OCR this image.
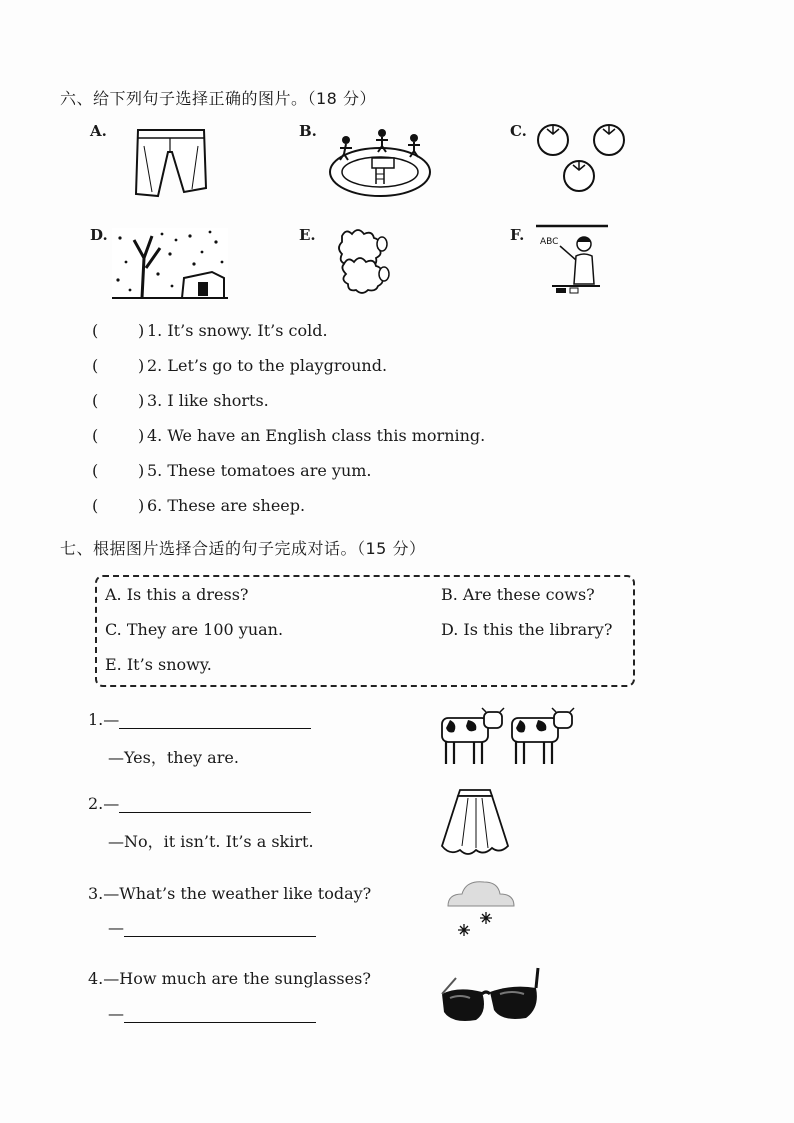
六、给下列句子选择正确的图片。（18 分）
A.	B.	C.
D.	E.	F. ABC
( ) 1. It’s snowy. It’s cold.
( ) 2. Let’s go to the playground.
( ) 3. I like shorts.
( ) 4. We have an English class this morning.
( ) 5. These tomatoes are yum.
( ) 6. These are sheep.
七、根据图片选择合适的句子完成对话。（15 分）
A. Is this a dress?	B. Are these cows?
C. They are 100 yuan.	D. Is this the library?
E. It’s snowy.
1.—
—Yes，they are.
2.—
—No，it isn’t. It’s a skirt.
3.—What’s the weather like today?
—
4.—How much are the sunglasses?
—
